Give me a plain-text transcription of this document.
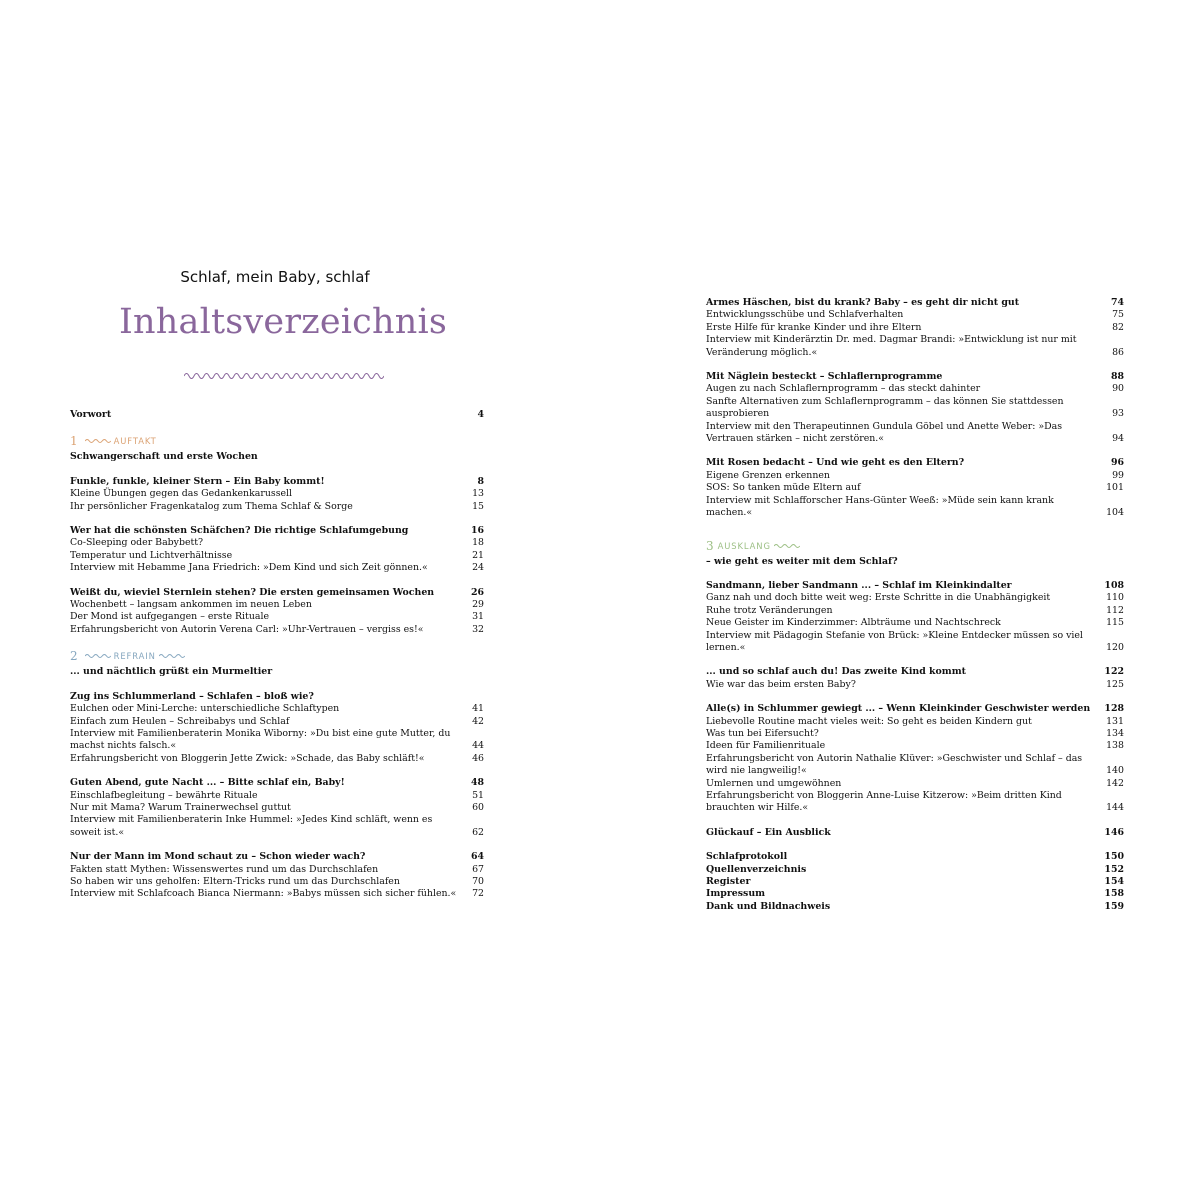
Schlaf, mein Baby, schlaf
Inhaltsverzeichnis
Vorwort	4
1	AUFTAKT
Schwangerschaft und erste Wochen
Funkle, funkle, kleiner Stern – Ein Baby kommt!	8
Kleine Übungen gegen das Gedankenkarussell	13
Ihr persönlicher Fragenkatalog zum Thema Schlaf & Sorge	15
Wer hat die schönsten Schäfchen? Die richtige Schlafumgebung	16
Co-Sleeping oder Babybett?	18
Temperatur und Lichtverhältnisse	21
Interview mit Hebamme Jana Friedrich: »Dem Kind und sich Zeit gönnen.«	24
Weißt du, wieviel Sternlein stehen? Die ersten gemeinsamen Wochen	26
Wochenbett – langsam ankommen im neuen Leben	29
Der Mond ist aufgegangen – erste Rituale	31
Erfahrungsbericht von Autorin Verena Carl: »Uhr-Vertrauen – vergiss es!«	32
2	REFRAIN
... und nächtlich grüßt ein Murmeltier
Zug ins Schlummerland – Schlafen – bloß wie?
Eulchen oder Mini-Lerche: unterschiedliche Schlaftypen	41
Einfach zum Heulen – Schreibabys und Schlaf	42
Interview mit Familienberaterin Monika Wiborny: »Du bist eine gute Mutter, du machst nichts falsch.«	44
Erfahrungsbericht von Bloggerin Jette Zwick: »Schade, das Baby schläft!«	46
Guten Abend, gute Nacht ... – Bitte schlaf ein, Baby!	48
Einschlafbegleitung – bewährte Rituale	51
Nur mit Mama? Warum Trainerwechsel guttut	60
Interview mit Familienberaterin Inke Hummel: »Jedes Kind schläft, wenn es soweit ist.«	62
Nur der Mann im Mond schaut zu – Schon wieder wach?	64
Fakten statt Mythen: Wissenswertes rund um das Durchschlafen	67
So haben wir uns geholfen: Eltern-Tricks rund um das Durchschlafen	70
Interview mit Schlafcoach Bianca Niermann: »Babys müssen sich sicher fühlen.«	72
Armes Häschen, bist du krank? Baby – es geht dir nicht gut	74
Entwicklungsschübe und Schlafverhalten	75
Erste Hilfe für kranke Kinder und ihre Eltern	82
Interview mit Kinderärztin Dr. med. Dagmar Brandi: »Entwicklung ist nur mit Veränderung möglich.«	86
Mit Näglein besteckt – Schlaflernprogramme	88
Augen zu nach Schlaflernprogramm – das steckt dahinter	90
Sanfte Alternativen zum Schlaflernprogramm – das können Sie stattdessen ausprobieren	93
Interview mit den Therapeutinnen Gundula Göbel und Anette Weber: »Das Vertrauen stärken – nicht zerstören.«	94
Mit Rosen bedacht – Und wie geht es den Eltern?	96
Eigene Grenzen erkennen	99
SOS: So tanken müde Eltern auf	101
Interview mit Schlafforscher Hans-Günter Weeß: »Müde sein kann krank machen.«	104
3 AUSKLANG
– wie geht es weiter mit dem Schlaf?
Sandmann, lieber Sandmann ... – Schlaf im Kleinkindalter	108
Ganz nah und doch bitte weit weg: Erste Schritte in die Unabhängigkeit	110
Ruhe trotz Veränderungen	112
Neue Geister im Kinderzimmer: Albträume und Nachtschreck	115
Interview mit Pädagogin Stefanie von Brück: »Kleine Entdecker müssen so viel lernen.«	120
... und so schlaf auch du! Das zweite Kind kommt	122
Wie war das beim ersten Baby?	125
Alle(s) in Schlummer gewiegt ... – Wenn Kleinkinder Geschwister werden	128
Liebevolle Routine macht vieles weit: So geht es beiden Kindern gut	131
Was tun bei Eifersucht?	134
Ideen für Familienrituale	138
Erfahrungsbericht von Autorin Nathalie Klüver: »Geschwister und Schlaf – das wird nie langweilig!«	140
Umlernen und umgewöhnen	142
Erfahrungsbericht von Bloggerin Anne-Luise Kitzerow: »Beim dritten Kind brauchten wir Hilfe.«	144
Glückauf – Ein Ausblick	146
Schlafprotokoll	150
Quellenverzeichnis	152
Register	154
Impressum	158
Dank und Bildnachweis	159
